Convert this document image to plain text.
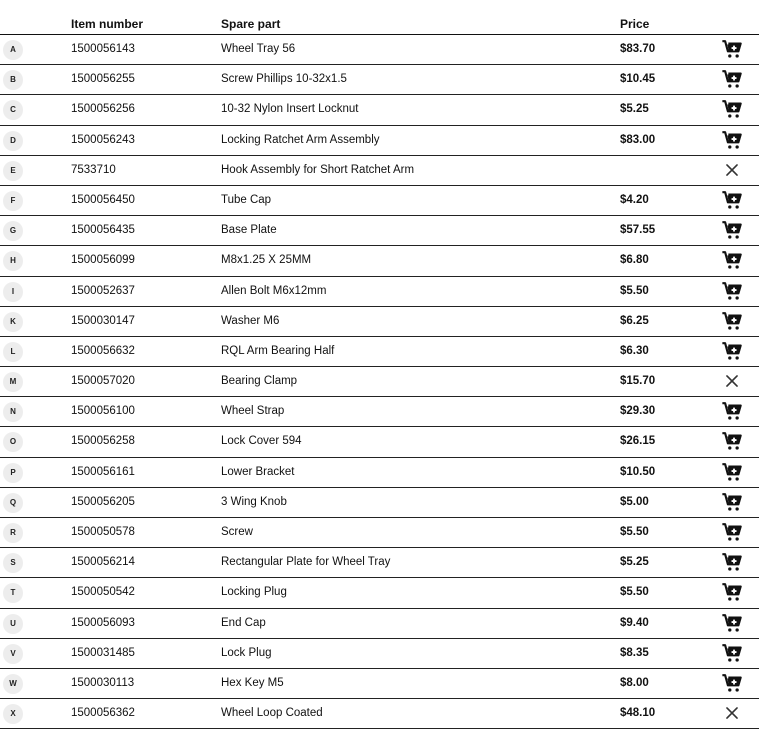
Item number	Spare part	Price
A	1500056143	Wheel Tray 56	$83.70
B	1500056255	Screw Phillips 10-32x1.5	$10.45
C	1500056256	10-32 Nylon Insert Locknut	$5.25
D	1500056243	Locking Ratchet Arm Assembly	$83.00
E	7533710	Hook Assembly for Short Ratchet Arm
F	1500056450	Tube Cap	$4.20
G	1500056435	Base Plate	$57.55
H	1500056099	M8x1.25 X 25MM	$6.80
I	1500052637	Allen Bolt M6x12mm	$5.50
K	1500030147	Washer M6	$6.25
L	1500056632	RQL Arm Bearing Half	$6.30
M	1500057020	Bearing Clamp	$15.70
N	1500056100	Wheel Strap	$29.30
O	1500056258	Lock Cover 594	$26.15
P	1500056161	Lower Bracket	$10.50
Q	1500056205	3 Wing Knob	$5.00
R	1500050578	Screw	$5.50
S	1500056214	Rectangular Plate for Wheel Tray	$5.25
T	1500050542	Locking Plug	$5.50
U	1500056093	End Cap	$9.40
V	1500031485	Lock Plug	$8.35
W	1500030113	Hex Key M5	$8.00
X	1500056362	Wheel Loop Coated	$48.10
